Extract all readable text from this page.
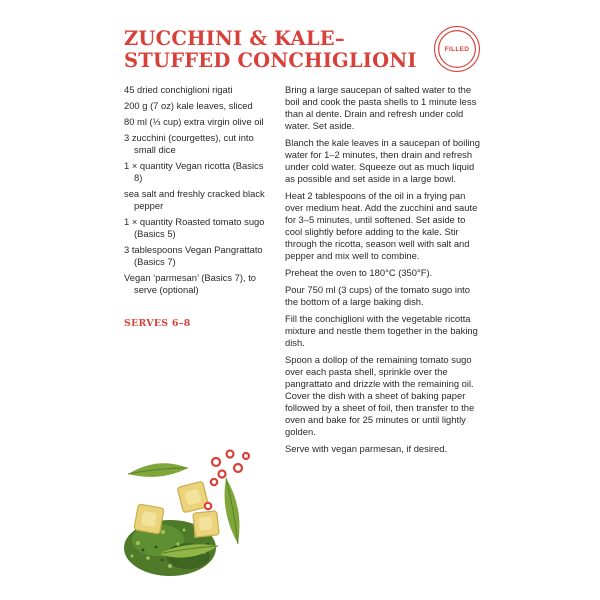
ZUCCHINI & KALE–
STUFFED CONCHIGLIONI	FILLED
45 dried conchiglioni rigati
200 g (7 oz) kale leaves, sliced
80 ml (⅓ cup) extra virgin olive oil
3 zucchini (courgettes), cut into small dice
1 × quantity Vegan ricotta (Basics 8)
sea salt and freshly cracked black pepper
1 × quantity Roasted tomato sugo (Basics 5)
3 tablespoons Vegan Pangrattato (Basics 7)
Vegan ‘parmesan’ (Basics 7), to serve (optional)
SERVES 6–8

Bring a large saucepan of salted water to the boil and cook the pasta shells to 1 minute less than al dente. Drain and refresh under cold water. Set aside.

Blanch the kale leaves in a saucepan of boiling water for 1–2 minutes, then drain and refresh under cold water. Squeeze out as much liquid as possible and set aside in a large bowl.

Heat 2 tablespoons of the oil in a frying pan over medium heat. Add the zucchini and saute for 3–5 minutes, until softened. Set aside to cool slightly before adding to the kale. Stir through the ricotta, season well with salt and pepper and mix well to combine.

Preheat the oven to 180°C (350°F).

Pour 750 ml (3 cups) of the tomato sugo into the bottom of a large baking dish.

Fill the conchiglioni with the vegetable ricotta mixture and nestle them together in the baking dish.

Spoon a dollop of the remaining tomato sugo over each pasta shell, sprinkle over the pangrattato and drizzle with the remaining oil. Cover the dish with a sheet of baking paper followed by a sheet of foil, then transfer to the oven and bake for 25 minutes or until lightly golden.

Serve with vegan parmesan, if desired.
